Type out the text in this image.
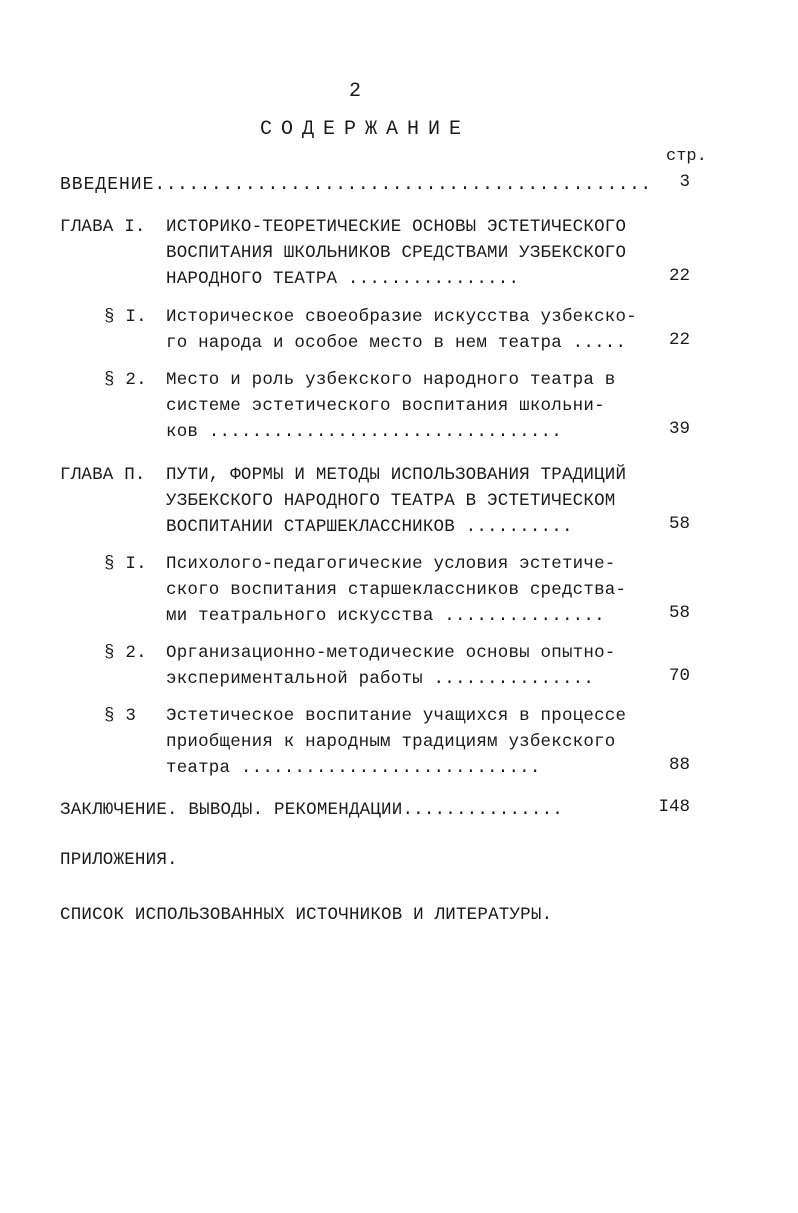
2
СОДЕРЖАНИЕ
стр.
ВВЕДЕНИЕ............................................	3
ГЛАВА I. ИСТОРИКО-ТЕОРЕТИЧЕСКИЕ ОСНОВЫ ЭСТЕТИЧЕСКОГО
ВОСПИТАНИЯ ШКОЛЬНИКОВ СРЕДСТВАМИ УЗБЕКСКОГО
НАРОДНОГО ТЕАТРА ................	22
§ I. Историческое своеобразие искусства узбекско-
го народа и особое место в нем театра .....	22
§ 2. Место и роль узбекского народного театра в
системе эстетического воспитания школьни-
ков .................................	39
ГЛАВА П. ПУТИ, ФОРМЫ И МЕТОДЫ ИСПОЛЬЗОВАНИЯ ТРАДИЦИЙ
УЗБЕКСКОГО НАРОДНОГО ТЕАТРА В ЭСТЕТИЧЕСКОМ
ВОСПИТАНИИ СТАРШЕКЛАССНИКОВ ..........	58
§ I. Психолого-педагогические условия эстетиче-
ского воспитания старшеклассников средства-
ми театрального искусства ...............	58
§ 2. Организационно-методические основы опытно-
экспериментальной работы ...............	70
§ 3 Эстетическое воспитание учащихся в процессе
приобщения к народным традициям узбекского
театра ............................	88
ЗАКЛЮЧЕНИЕ. ВЫВОДЫ. РЕКОМЕНДАЦИИ...............	I48
ПРИЛОЖЕНИЯ.
СПИСОК ИСПОЛЬЗОВАННЫХ ИСТОЧНИКОВ И ЛИТЕРАТУРЫ.
